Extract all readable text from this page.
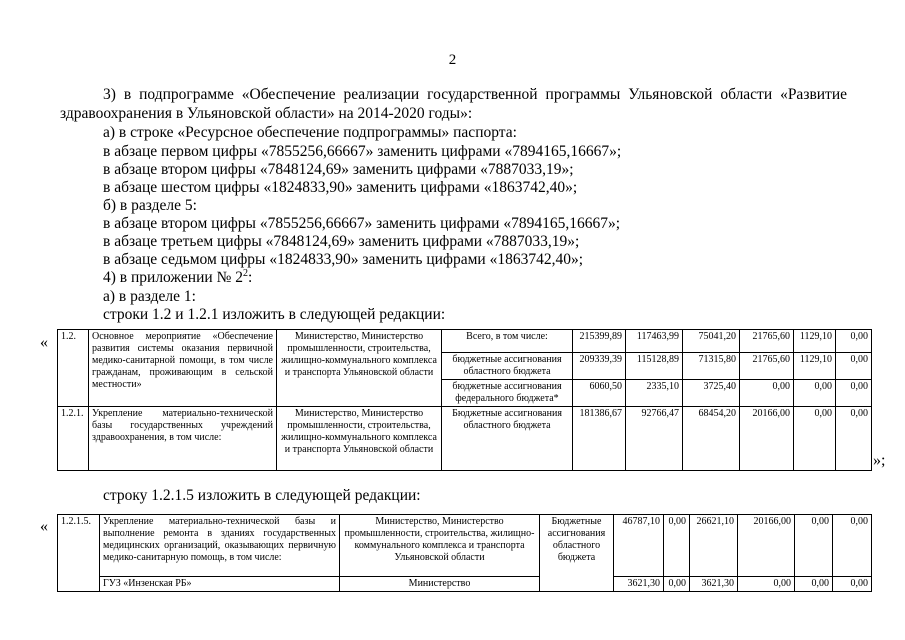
2
3) в подпрограмме «Обеспечение реализации государственной программы Ульяновской области «Развитие
здравоохранения в Ульяновской области» на 2014-2020 годы»:
а) в строке «Ресурсное обеспечение подпрограммы» паспорта:
в абзаце первом цифры «7855256,66667» заменить цифрами «7894165,16667»;
в абзаце втором цифры «7848124,69» заменить цифрами «7887033,19»;
в абзаце шестом цифры «1824833,90» заменить цифрами «1863742,40»;
б) в разделе 5:
в абзаце втором цифры «7855256,66667» заменить цифрами «7894165,16667»;
в абзаце третьем цифры «7848124,69» заменить цифрами «7887033,19»;
в абзаце седьмом цифры «1824833,90» заменить цифрами «1863742,40»;
4) в приложении № $2^2$:
а) в разделе 1:
строки 1.2 и 1.2.1 изложить в следующей редакции:
« 1.2.	Основное мероприятие «Обеспечение развития системы оказания первичной медико-санитарной помощи, в том числе гражданам, проживающим в сельской местности»	Министерство, Министерство промышленности, строительства, жилищно-коммунального комплекса и транспорта Ульяновской области	Всего, в том числе:	215399,89	117463,99	75041,20	21765,60	1129,10	0,00
			бюджетные ассигнования областного бюджета	209339,39	115128,89	71315,80	21765,60	1129,10	0,00
			бюджетные ассигнования федерального бюджета*	6060,50	2335,10	3725,40	0,00	0,00	0,00
1.2.1.	Укрепление материально-технической базы государственных учреждений здравоохранения, в том числе:	Министерство, Министерство промышленности, строительства, жилищно-коммунального комплекса и транспорта Ульяновской области	Бюджетные ассигнования областного бюджета	181386,67	92766,47	68454,20	20166,00	0,00	0,00
»;
строку 1.2.1.5 изложить в следующей редакции:
« 1.2.1.5.	Укрепление материально-технической базы и выполнение ремонта в зданиях государственных медицинских организаций, оказывающих первичную медико-санитарную помощь, в том числе:	Министерство, Министерство промышленности, строительства, жилищно-коммунального комплекса и транспорта Ульяновской области	Бюджетные ассигнования областного бюджета	46787,10	0,00	26621,10	20166,00	0,00	0,00
	ГУЗ «Инзенская РБ»	Министерство		3621,30	0,00	3621,30	0,00	0,00	0,00
